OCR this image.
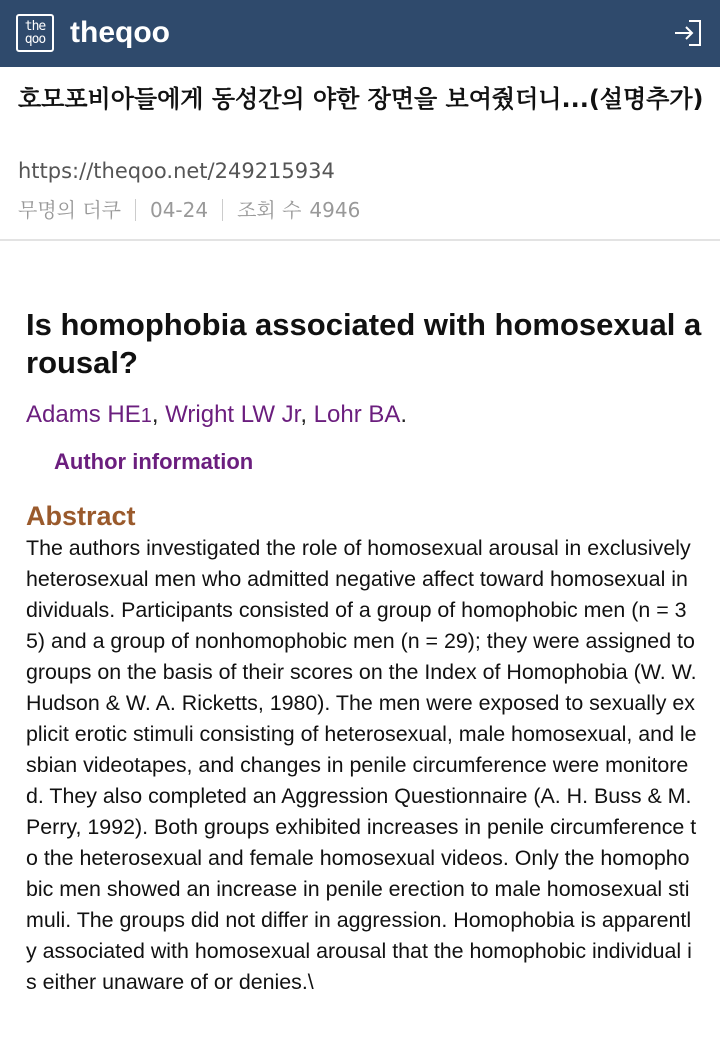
the
qoo theqoo
호모포비아들에게 동성간의 야한 장면을 보여줬더니...(설명추가)
https://theqoo.net/249215934
무명의 더쿠 04-24 조회 수 4946
Is homophobia associated with homosexual arousal?
Adams HE1, Wright LW Jr, Lohr BA.
Author information
Abstract
The authors investigated the role of homosexual arousal in exclusively heterosexual men who admitted negative affect toward homosexual individuals. Participants consisted of a group of homophobic men (n = 35) and a group of nonhomophobic men (n = 29); they were assigned to groups on the basis of their scores on the Index of Homophobia (W. W. Hudson & W. A. Ricketts, 1980). The men were exposed to sexually explicit erotic stimuli consisting of heterosexual, male homosexual, and lesbian videotapes, and changes in penile circumference were monitored. They also completed an Aggression Questionnaire (A. H. Buss & M. Perry, 1992). Both groups exhibited increases in penile circumference to the heterosexual and female homosexual videos. Only the homophobic men showed an increase in penile erection to male homosexual stimuli. The groups did not differ in aggression. Homophobia is apparently associated with homosexual arousal that the homophobic individual is either unaware of or denies.\
